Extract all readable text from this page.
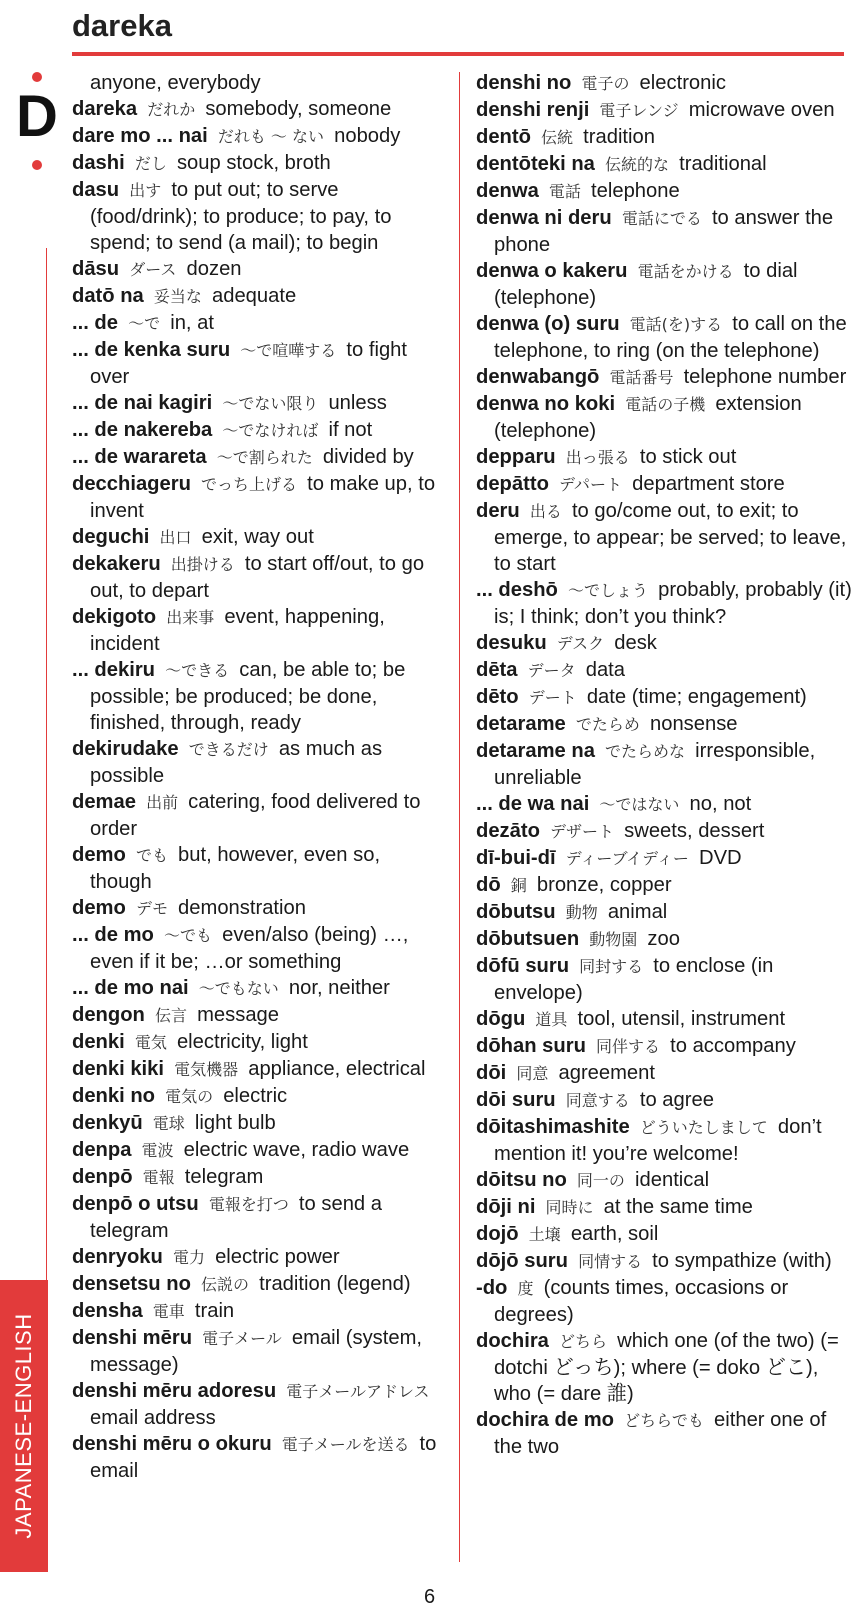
dareka
D
JAPANESE-ENGLISH

anyone, everybody

dareka  だれか  somebody, someone

dare mo ... nai  だれも 〜 ない  nobody

dashi  だし  soup stock, broth

dasu  出す  to put out; to serve (food/drink); to produce; to pay, to spend; to send (a mail); to begin

dāsu  ダース  dozen

datō na  妥当な  adequate

... de  〜で  in, at

... de kenka suru  〜で喧嘩する  to fight over

... de nai kagiri  〜でない限り  unless

... de nakereba  〜でなければ  if not

... de warareta  〜で割られた  divided by

decchiageru  でっち上げる  to make up, to invent

deguchi  出口  exit, way out

dekakeru  出掛ける  to start off/out, to go out, to depart

dekigoto  出来事  event, happening, incident

... dekiru  〜できる  can, be able to; be possible; be produced; be done, finished, through, ready

dekirudake  できるだけ  as much as possible

demae  出前  catering, food delivered to order

demo  でも  but, however, even so, though

demo  デモ  demonstration

... de mo  〜でも  even/also (being) …, even if it be; …or something

... de mo nai  〜でもない  nor, neither

dengon  伝言  message

denki  電気  electricity, light

denki kiki  電気機器  appliance, electrical

denki no  電気の  electric

denkyū  電球  light bulb

denpa  電波  electric wave, radio wave

denpō  電報  telegram

denpō o utsu  電報を打つ  to send a telegram

denryoku  電力  electric power

densetsu no  伝説の  tradition (legend)

densha  電車  train

denshi mēru  電子メール  email (system, message)

denshi mēru adoresu  電子メールアドレス email address

denshi mēru o okuru  電子メールを送る  to email

denshi no  電子の  electronic

denshi renji  電子レンジ  microwave oven

dentō  伝統  tradition

dentōteki na  伝統的な  traditional

denwa  電話  telephone

denwa ni deru  電話にでる  to answer the phone

denwa o kakeru  電話をかける  to dial (telephone)

denwa (o) suru  電話(を)する  to call on the telephone, to ring (on the telephone)

denwabangō  電話番号  telephone number

denwa no koki  電話の子機  extension (telephone)

depparu  出っ張る  to stick out

depātto  デパート  department store

deru  出る  to go/come out, to exit; to emerge, to appear; be served; to leave, to start

... deshō  〜でしょう  probably, probably (it) is; I think; don’t you think?

desuku  デスク  desk

dēta  データ  data

dēto  デート  date (time; engagement)

detarame  でたらめ  nonsense

detarame na  でたらめな  irresponsible, unreliable

... de wa nai  〜ではない  no, not

dezāto  デザート  sweets, dessert

dī-bui-dī  ディーブイディー  DVD

dō  銅  bronze, copper

dōbutsu  動物  animal

dōbutsuen  動物園  zoo

dōfū suru  同封する  to enclose (in envelope)

dōgu  道具  tool, utensil, instrument

dōhan suru  同伴する  to accompany

dōi  同意  agreement

dōi suru  同意する  to agree

dōitashimashite  どういたしまして  don’t mention it! you’re welcome!

dōitsu no  同一の  identical

dōji ni  同時に  at the same time

dojō  土壌  earth, soil

dōjō suru  同情する  to sympathize (with)

-do  度  (counts times, occasions or degrees)

dochira  どちら  which one (of the two) (= dotchi どっち); where (= doko どこ), who (= dare 誰)

dochira de mo  どちらでも  either one of the two

6
